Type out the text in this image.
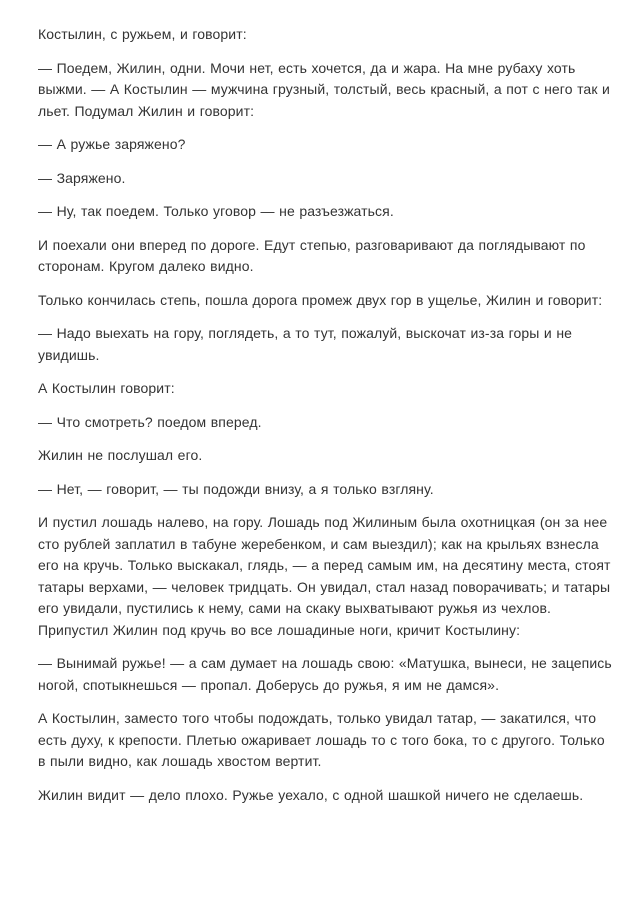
Костылин, с ружьем, и говорит:

— Поедем, Жилин, одни. Мочи нет, есть хочется, да и жара. На мне рубаху хоть выжми. — А Костылин — мужчина грузный, толстый, весь красный, а пот с него так и льет. Подумал Жилин и говорит:

— А ружье заряжено?

— Заряжено.

— Ну, так поедем. Только уговор — не разъезжаться.

И поехали они вперед по дороге. Едут степью, разговаривают да поглядывают по сторонам. Кругом далеко видно.

Только кончилась степь, пошла дорога промеж двух гор в ущелье, Жилин и говорит:

— Надо выехать на гору, поглядеть, а то тут, пожалуй, выскочат из-за горы и не увидишь.

А Костылин говорит:

— Что смотреть? поедом вперед.

Жилин не послушал его.

— Нет, — говорит, — ты подожди внизу, а я только взгляну.

И пустил лошадь налево, на гору. Лошадь под Жилиным была охотницкая (он за нее сто рублей заплатил в табуне жеребенком, и сам выездил); как на крыльях взнесла его на кручь. Только выскакал, глядь, — а перед самым им, на десятину места, стоят татары верхами, — человек тридцать. Он увидал, стал назад поворачивать; и татары его увидали, пустились к нему, сами на скаку выхватывают ружья из чехлов. Припустил Жилин под кручь во все лошадиные ноги, кричит Костылину:

— Вынимай ружье! — а сам думает на лошадь свою: «Матушка, вынеси, не зацепись ногой, спотыкнешься — пропал. Доберусь до ружья, я им не дамся».

А Костылин, заместо того чтобы подождать, только увидал татар, — закатился, что есть духу, к крепости. Плетью ожаривает лошадь то с того бока, то с другого. Только в пыли видно, как лошадь хвостом вертит.

Жилин видит — дело плохо. Ружье уехало, с одной шашкой ничего не сделаешь.
